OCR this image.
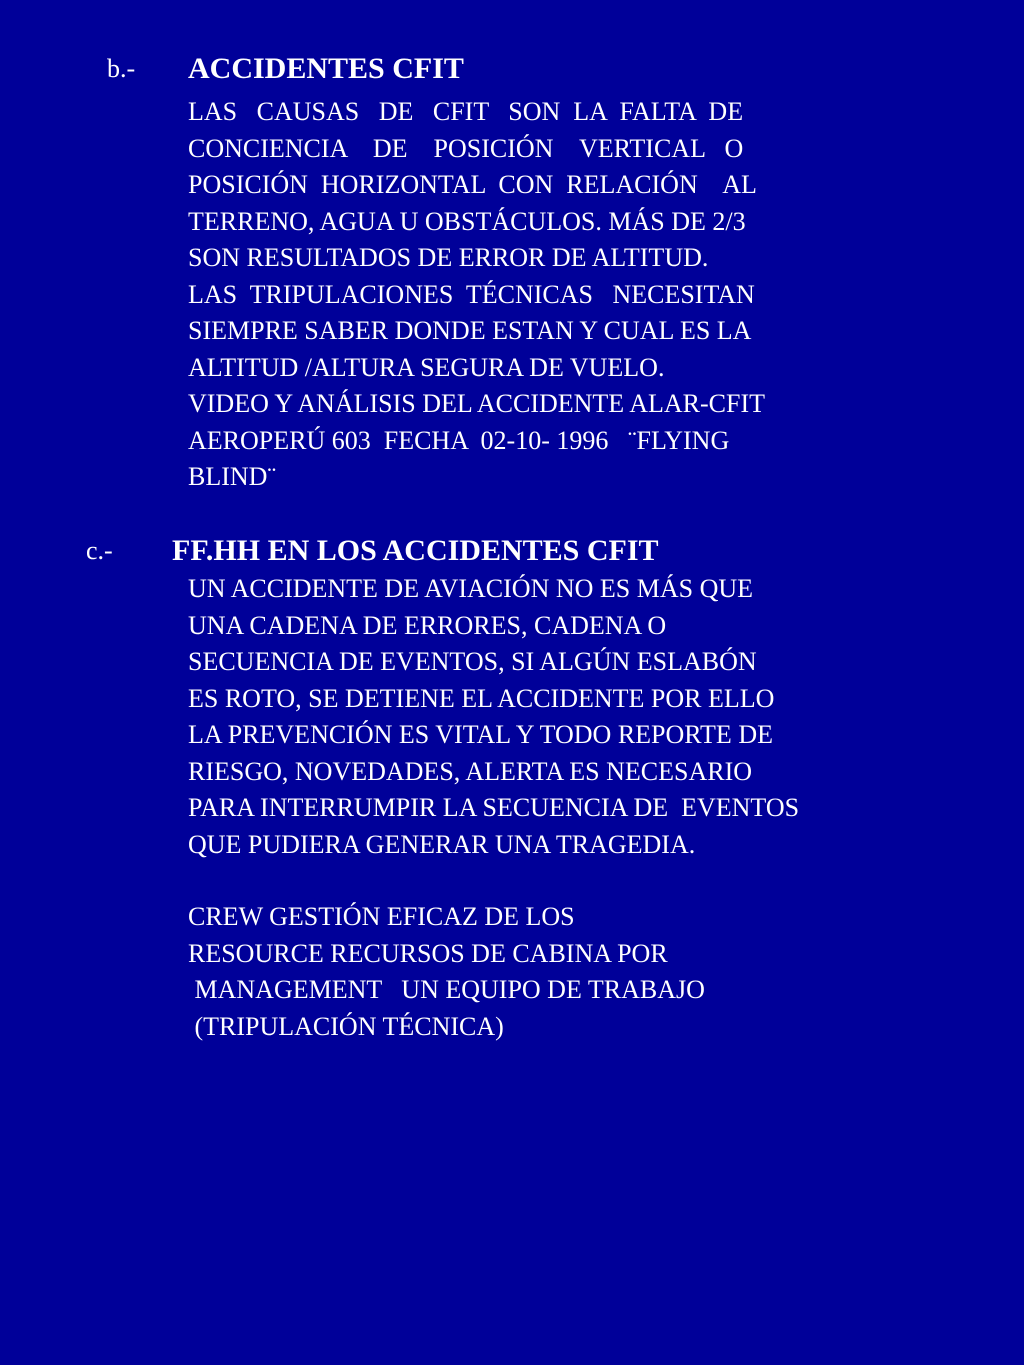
b.- ACCIDENTES CFIT
LAS   CAUSAS   DE   CFIT   SON  LA  FALTA  DE
CONCIENCIA    DE    POSICIÓN    VERTICAL   O
POSICIÓN  HORIZONTAL  CON  RELACIÓN    AL
TERRENO, AGUA U OBSTÁCULOS. MÁS DE 2/3
SON RESULTADOS DE ERROR DE ALTITUD.
LAS  TRIPULACIONES  TÉCNICAS   NECESITAN
SIEMPRE SABER DONDE ESTAN Y CUAL ES LA
ALTITUD /ALTURA SEGURA DE VUELO.
VIDEO Y ANÁLISIS DEL ACCIDENTE ALAR-CFIT
AEROPERÚ 603  FECHA  02-10- 1996   ¨FLYING
BLIND¨
c.- FF.HH EN LOS ACCIDENTES CFIT
UN ACCIDENTE DE AVIACIÓN NO ES MÁS QUE
UNA CADENA DE ERRORES, CADENA O
SECUENCIA DE EVENTOS, SI ALGÚN ESLABÓN
ES ROTO, SE DETIENE EL ACCIDENTE POR ELLO
LA PREVENCIÓN ES VITAL Y TODO REPORTE DE
RIESGO, NOVEDADES, ALERTA ES NECESARIO
PARA INTERRUMPIR LA SECUENCIA DE  EVENTOS
QUE PUDIERA GENERAR UNA TRAGEDIA.
CREW GESTIÓN EFICAZ DE LOS
RESOURCE RECURSOS DE CABINA POR
MANAGEMENT   UN EQUIPO DE TRABAJO
(TRIPULACIÓN TÉCNICA)
